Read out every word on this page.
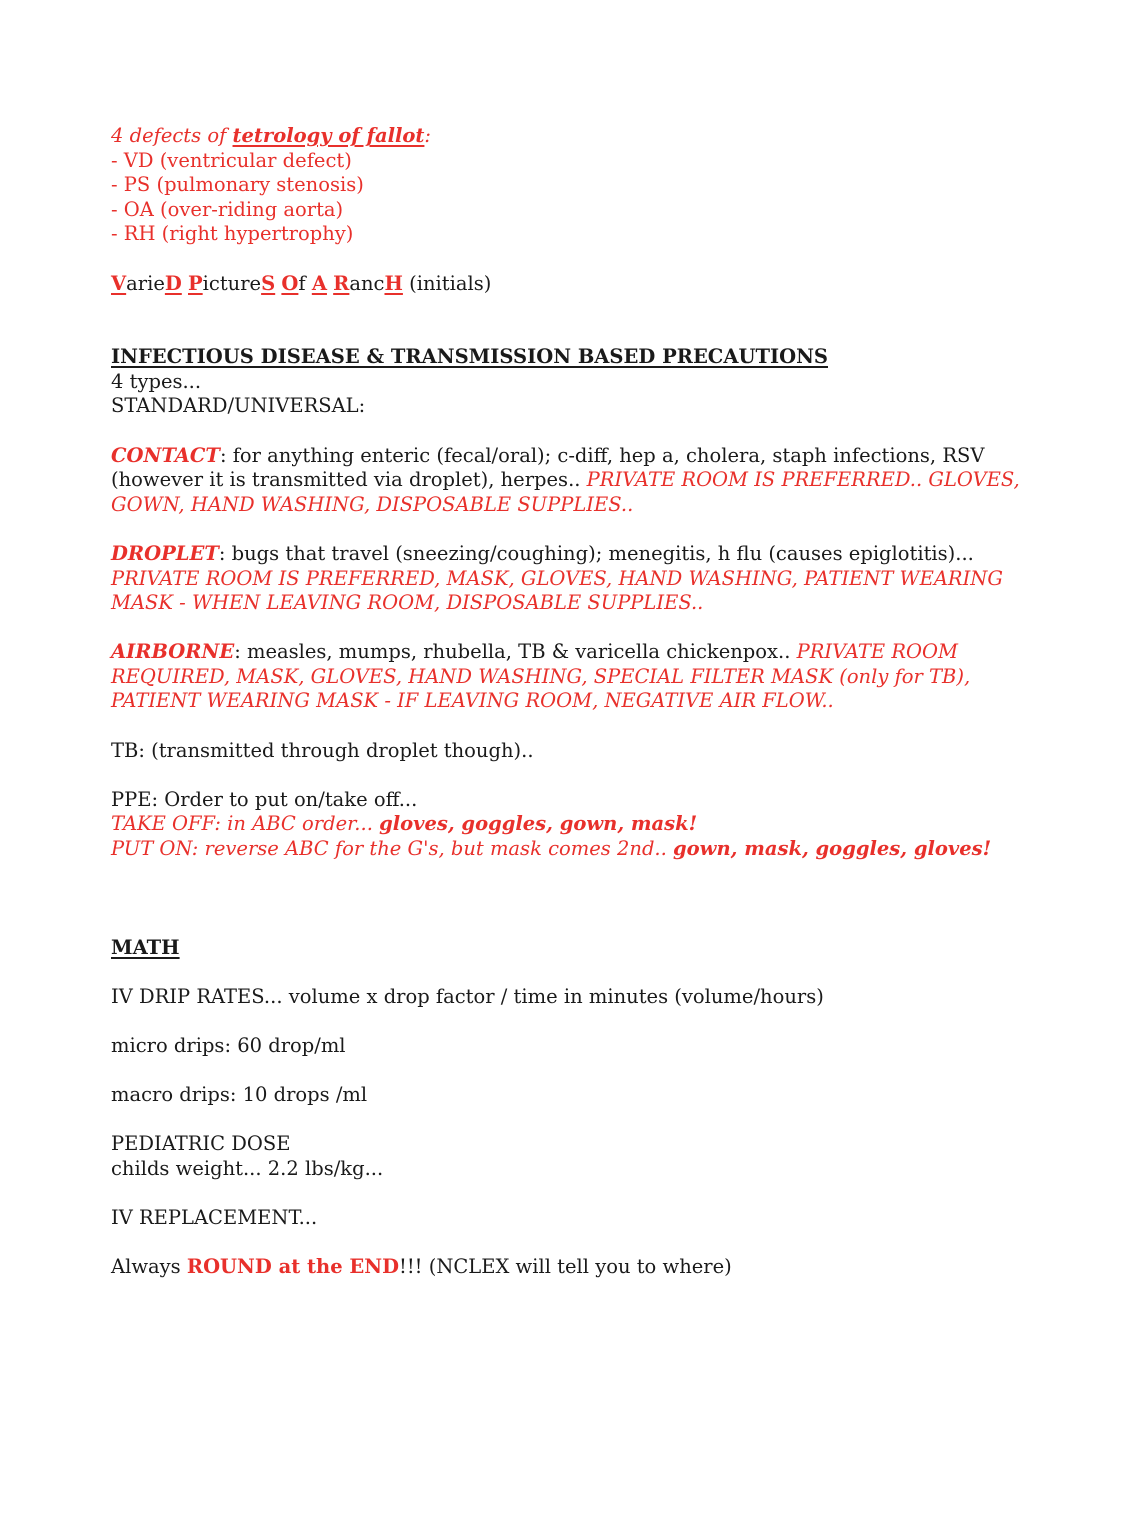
4 defects of tetrology of fallot:
- VD (ventricular defect)
- PS (pulmonary stenosis)
- OA (over-riding aorta)
- RH (right hypertrophy)
VarieD PictureS Of A RancH (initials)
INFECTIOUS DISEASE & TRANSMISSION BASED PRECAUTIONS
4 types...
STANDARD/UNIVERSAL:
CONTACT: for anything enteric (fecal/oral); c-diff, hep a, cholera, staph infections, RSV
(however it is transmitted via droplet), herpes.. PRIVATE ROOM IS PREFERRED.. GLOVES,
GOWN, HAND WASHING, DISPOSABLE SUPPLIES..
DROPLET: bugs that travel (sneezing/coughing); menegitis, h flu (causes epiglotitis)...
PRIVATE ROOM IS PREFERRED, MASK, GLOVES, HAND WASHING, PATIENT WEARING
MASK - WHEN LEAVING ROOM, DISPOSABLE SUPPLIES..
AIRBORNE: measles, mumps, rhubella, TB & varicella chickenpox.. PRIVATE ROOM
REQUIRED, MASK, GLOVES, HAND WASHING, SPECIAL FILTER MASK (only for TB),
PATIENT WEARING MASK - IF LEAVING ROOM, NEGATIVE AIR FLOW..
TB: (transmitted through droplet though)..
PPE: Order to put on/take off...
TAKE OFF: in ABC order... gloves, goggles, gown, mask!
PUT ON: reverse ABC for the G's, but mask comes 2nd.. gown, mask, goggles, gloves!
MATH
IV DRIP RATES... volume x drop factor / time in minutes (volume/hours)
micro drips: 60 drop/ml
macro drips: 10 drops /ml
PEDIATRIC DOSE
childs weight... 2.2 lbs/kg...
IV REPLACEMENT...
Always ROUND at the END!!! (NCLEX will tell you to where)
